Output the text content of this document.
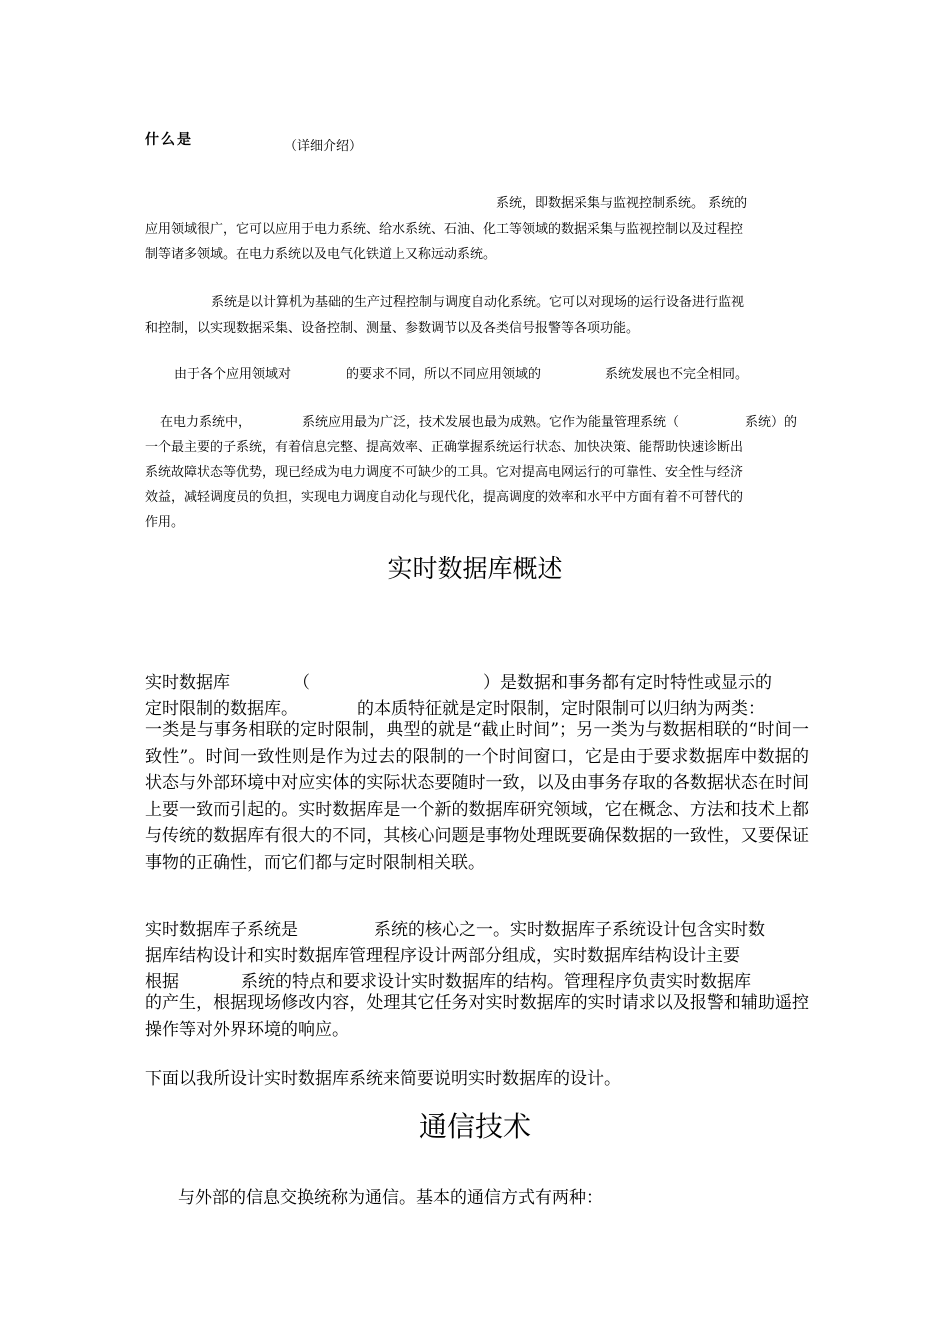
什么是	（详细介绍）
系统，即数据采集与监视控制系统。 系统的
应用领域很广，它可以应用于电力系统、给水系统、石油、化工等领域的数据采集与监视控制以及过程控
制等诸多领域。在电力系统以及电气化铁道上又称远动系统。
系统是以计算机为基础的生产过程控制与调度自动化系统。它可以对现场的运行设备进行监视
和控制，以实现数据采集、设备控制、测量、参数调节以及各类信号报警等各项功能。
由于各个应用领域对	的要求不同，所以不同应用领域的	系统发展也不完全相同。
在电力系统中，	系统应用最为广泛，技术发展也最为成熟。它作为能量管理系统（	系统）的
一个最主要的子系统，有着信息完整、提高效率、正确掌握系统运行状态、加快决策、能帮助快速诊断出
系统故障状态等优势，现已经成为电力调度不可缺少的工具。它对提高电网运行的可靠性、安全性与经济
效益，减轻调度员的负担，实现电力调度自动化与现代化，提高调度的效率和水平中方面有着不可替代的
作用。
实时数据库概述
实时数据库	（	）是数据和事务都有定时特性或显示的
定时限制的数据库。	的本质特征就是定时限制，定时限制可以归纳为两类：

一类是与事务相联的定时限制，典型的就是“截止时间”；另一类为与数据相联的“时间一致性”。时间一致性则是作为过去的限制的一个时间窗口，它是由于要求数据库中数据的状态与外部环境中对应实体的实际状态要随时一致，以及由事务存取的各数据状态在时间上要一致而引起的。实时数据库是一个新的数据库研究领域，它在概念、方法和技术上都与传统的数据库有很大的不同，其核心问题是事物处理既要确保数据的一致性，又要保证事物的正确性，而它们都与定时限制相关联。

实时数据库子系统是	系统的核心之一。实时数据库子系统设计包含实时数
据库结构设计和实时数据库管理程序设计两部分组成，实时数据库结构设计主要
根据	系统的特点和要求设计实时数据库的结构。管理程序负责实时数据库

的产生，根据现场修改内容，处理其它任务对实时数据库的实时请求以及报警和辅助遥控操作等对外界环境的响应。

下面以我所设计实时数据库系统来简要说明实时数据库的设计。
通信技术
与外部的信息交换统称为通信。基本的通信方式有两种：
